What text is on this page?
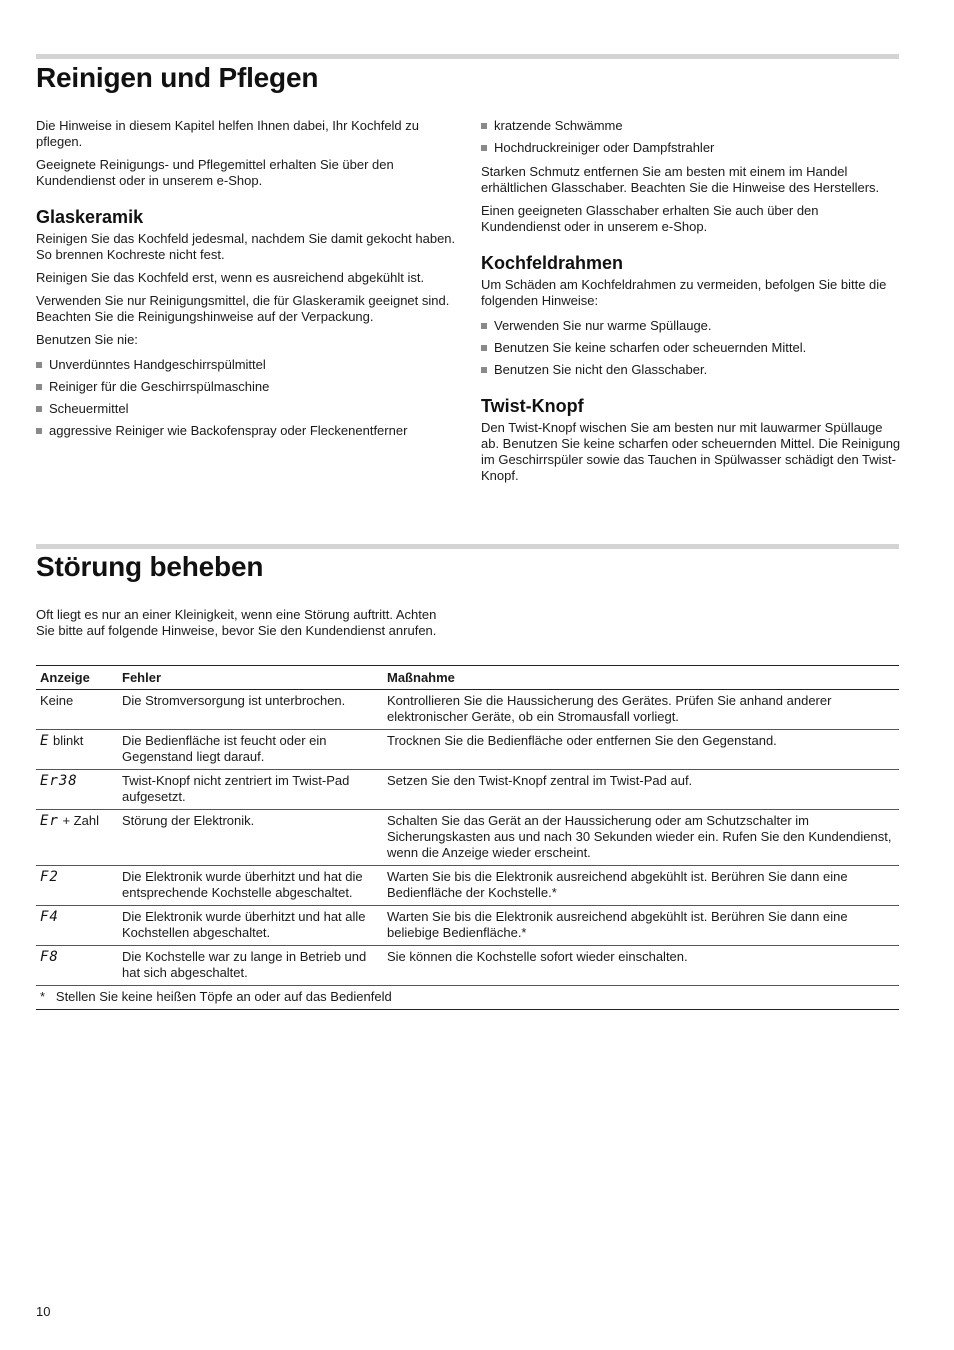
Reinigen und Pflegen

Die Hinweise in diesem Kapitel helfen Ihnen dabei, Ihr Kochfeld zu pflegen.

Geeignete Reinigungs- und Pflegemittel erhalten Sie über den Kundendienst oder in unserem e-Shop.

Glaskeramik

Reinigen Sie das Kochfeld jedesmal, nachdem Sie damit gekocht haben. So brennen Kochreste nicht fest.

Reinigen Sie das Kochfeld erst, wenn es ausreichend abgekühlt ist.

Verwenden Sie nur Reinigungsmittel, die für Glaskeramik geeignet sind. Beachten Sie die Reinigungshinweise auf der Verpackung.

Benutzen Sie nie:

Unverdünntes Handgeschirrspülmittel
Reiniger für die Geschirrspülmaschine
Scheuermittel
aggressive Reiniger wie Backofenspray oder Fleckenentferner
kratzende Schwämme
Hochdruckreiniger oder Dampfstrahler

Starken Schmutz entfernen Sie am besten mit einem im Handel erhältlichen Glasschaber. Beachten Sie die Hinweise des Herstellers.

Einen geeigneten Glasschaber erhalten Sie auch über den Kundendienst oder in unserem e-Shop.

Kochfeldrahmen

Um Schäden am Kochfeldrahmen zu vermeiden, befolgen Sie bitte die folgenden Hinweise:

Verwenden Sie nur warme Spüllauge.
Benutzen Sie keine scharfen oder scheuernden Mittel.
Benutzen Sie nicht den Glasschaber.
Twist-Knopf

Den Twist-Knopf wischen Sie am besten nur mit lauwarmer Spüllauge ab. Benutzen Sie keine scharfen oder scheuernden Mittel. Die Reinigung im Geschirrspüler sowie das Tauchen in Spülwasser schädigt den Twist-Knopf.

Störung beheben

Oft liegt es nur an einer Kleinigkeit, wenn eine Störung auftritt. Achten Sie bitte auf folgende Hinweise, bevor Sie den Kundendienst anrufen.

Anzeige	Fehler	Maßnahme
Keine	Die Stromversorgung ist unterbrochen.	Kontrollieren Sie die Haussicherung des Gerätes. Prüfen Sie anhand anderer elektronischer Geräte, ob ein Stromausfall vorliegt.
E blinkt	Die Bedienfläche ist feucht oder ein Gegenstand liegt darauf.	Trocknen Sie die Bedienfläche oder entfernen Sie den Gegenstand.
Er38	Twist-Knopf nicht zentriert im Twist-Pad aufgesetzt.	Setzen Sie den Twist-Knopf zentral im Twist-Pad auf.
Er + Zahl	Störung der Elektronik.	Schalten Sie das Gerät an der Haussicherung oder am Schutzschalter im Sicherungskasten aus und nach 30 Sekunden wieder ein. Rufen Sie den Kundendienst, wenn die Anzeige wieder erscheint.
F2	Die Elektronik wurde überhitzt und hat die entsprechende Kochstelle abgeschaltet.	Warten Sie bis die Elektronik ausreichend abgekühlt ist. Berühren Sie dann eine Bedienfläche der Kochstelle.*
F4	Die Elektronik wurde überhitzt und hat alle Kochstellen abgeschaltet.	Warten Sie bis die Elektronik ausreichend abgekühlt ist. Berühren Sie dann eine beliebige Bedienfläche.*
F8	Die Kochstelle war zu lange in Betrieb und hat sich abgeschaltet.	Sie können die Kochstelle sofort wieder einschalten.
*   Stellen Sie keine heißen Töpfe an oder auf das Bedienfeld		
10
